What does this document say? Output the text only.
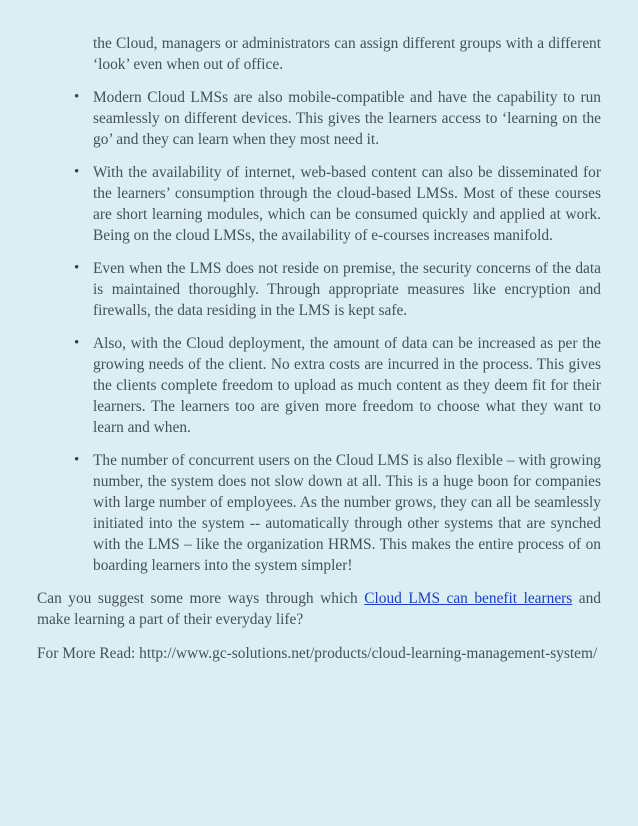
the Cloud, managers or administrators can assign different groups with a different ‘look’ even when out of office.

• Modern Cloud LMSs are also mobile-compatible and have the capability to run seamlessly on different devices. This gives the learners access to ‘learning on the go’ and they can learn when they most need it.
• With the availability of internet, web-based content can also be disseminated for the learners’ consumption through the cloud-based LMSs. Most of these courses are short learning modules, which can be consumed quickly and applied at work. Being on the cloud LMSs, the availability of e-courses increases manifold.
• Even when the LMS does not reside on premise, the security concerns of the data is maintained thoroughly. Through appropriate measures like encryption and firewalls, the data residing in the LMS is kept safe.
• Also, with the Cloud deployment, the amount of data can be increased as per the growing needs of the client. No extra costs are incurred in the process. This gives the clients complete freedom to upload as much content as they deem fit for their learners. The learners too are given more freedom to choose what they want to learn and when.
• The number of concurrent users on the Cloud LMS is also flexible – with growing number, the system does not slow down at all. This is a huge boon for companies with large number of employees. As the number grows, they can all be seamlessly initiated into the system -- automatically through other systems that are synched with the LMS – like the organization HRMS. This makes the entire process of on boarding learners into the system simpler!

Can you suggest some more ways through which Cloud LMS can benefit learners and make learning a part of their everyday life?

For More Read: http://www.gc-solutions.net/products/cloud-learning-management-system/
